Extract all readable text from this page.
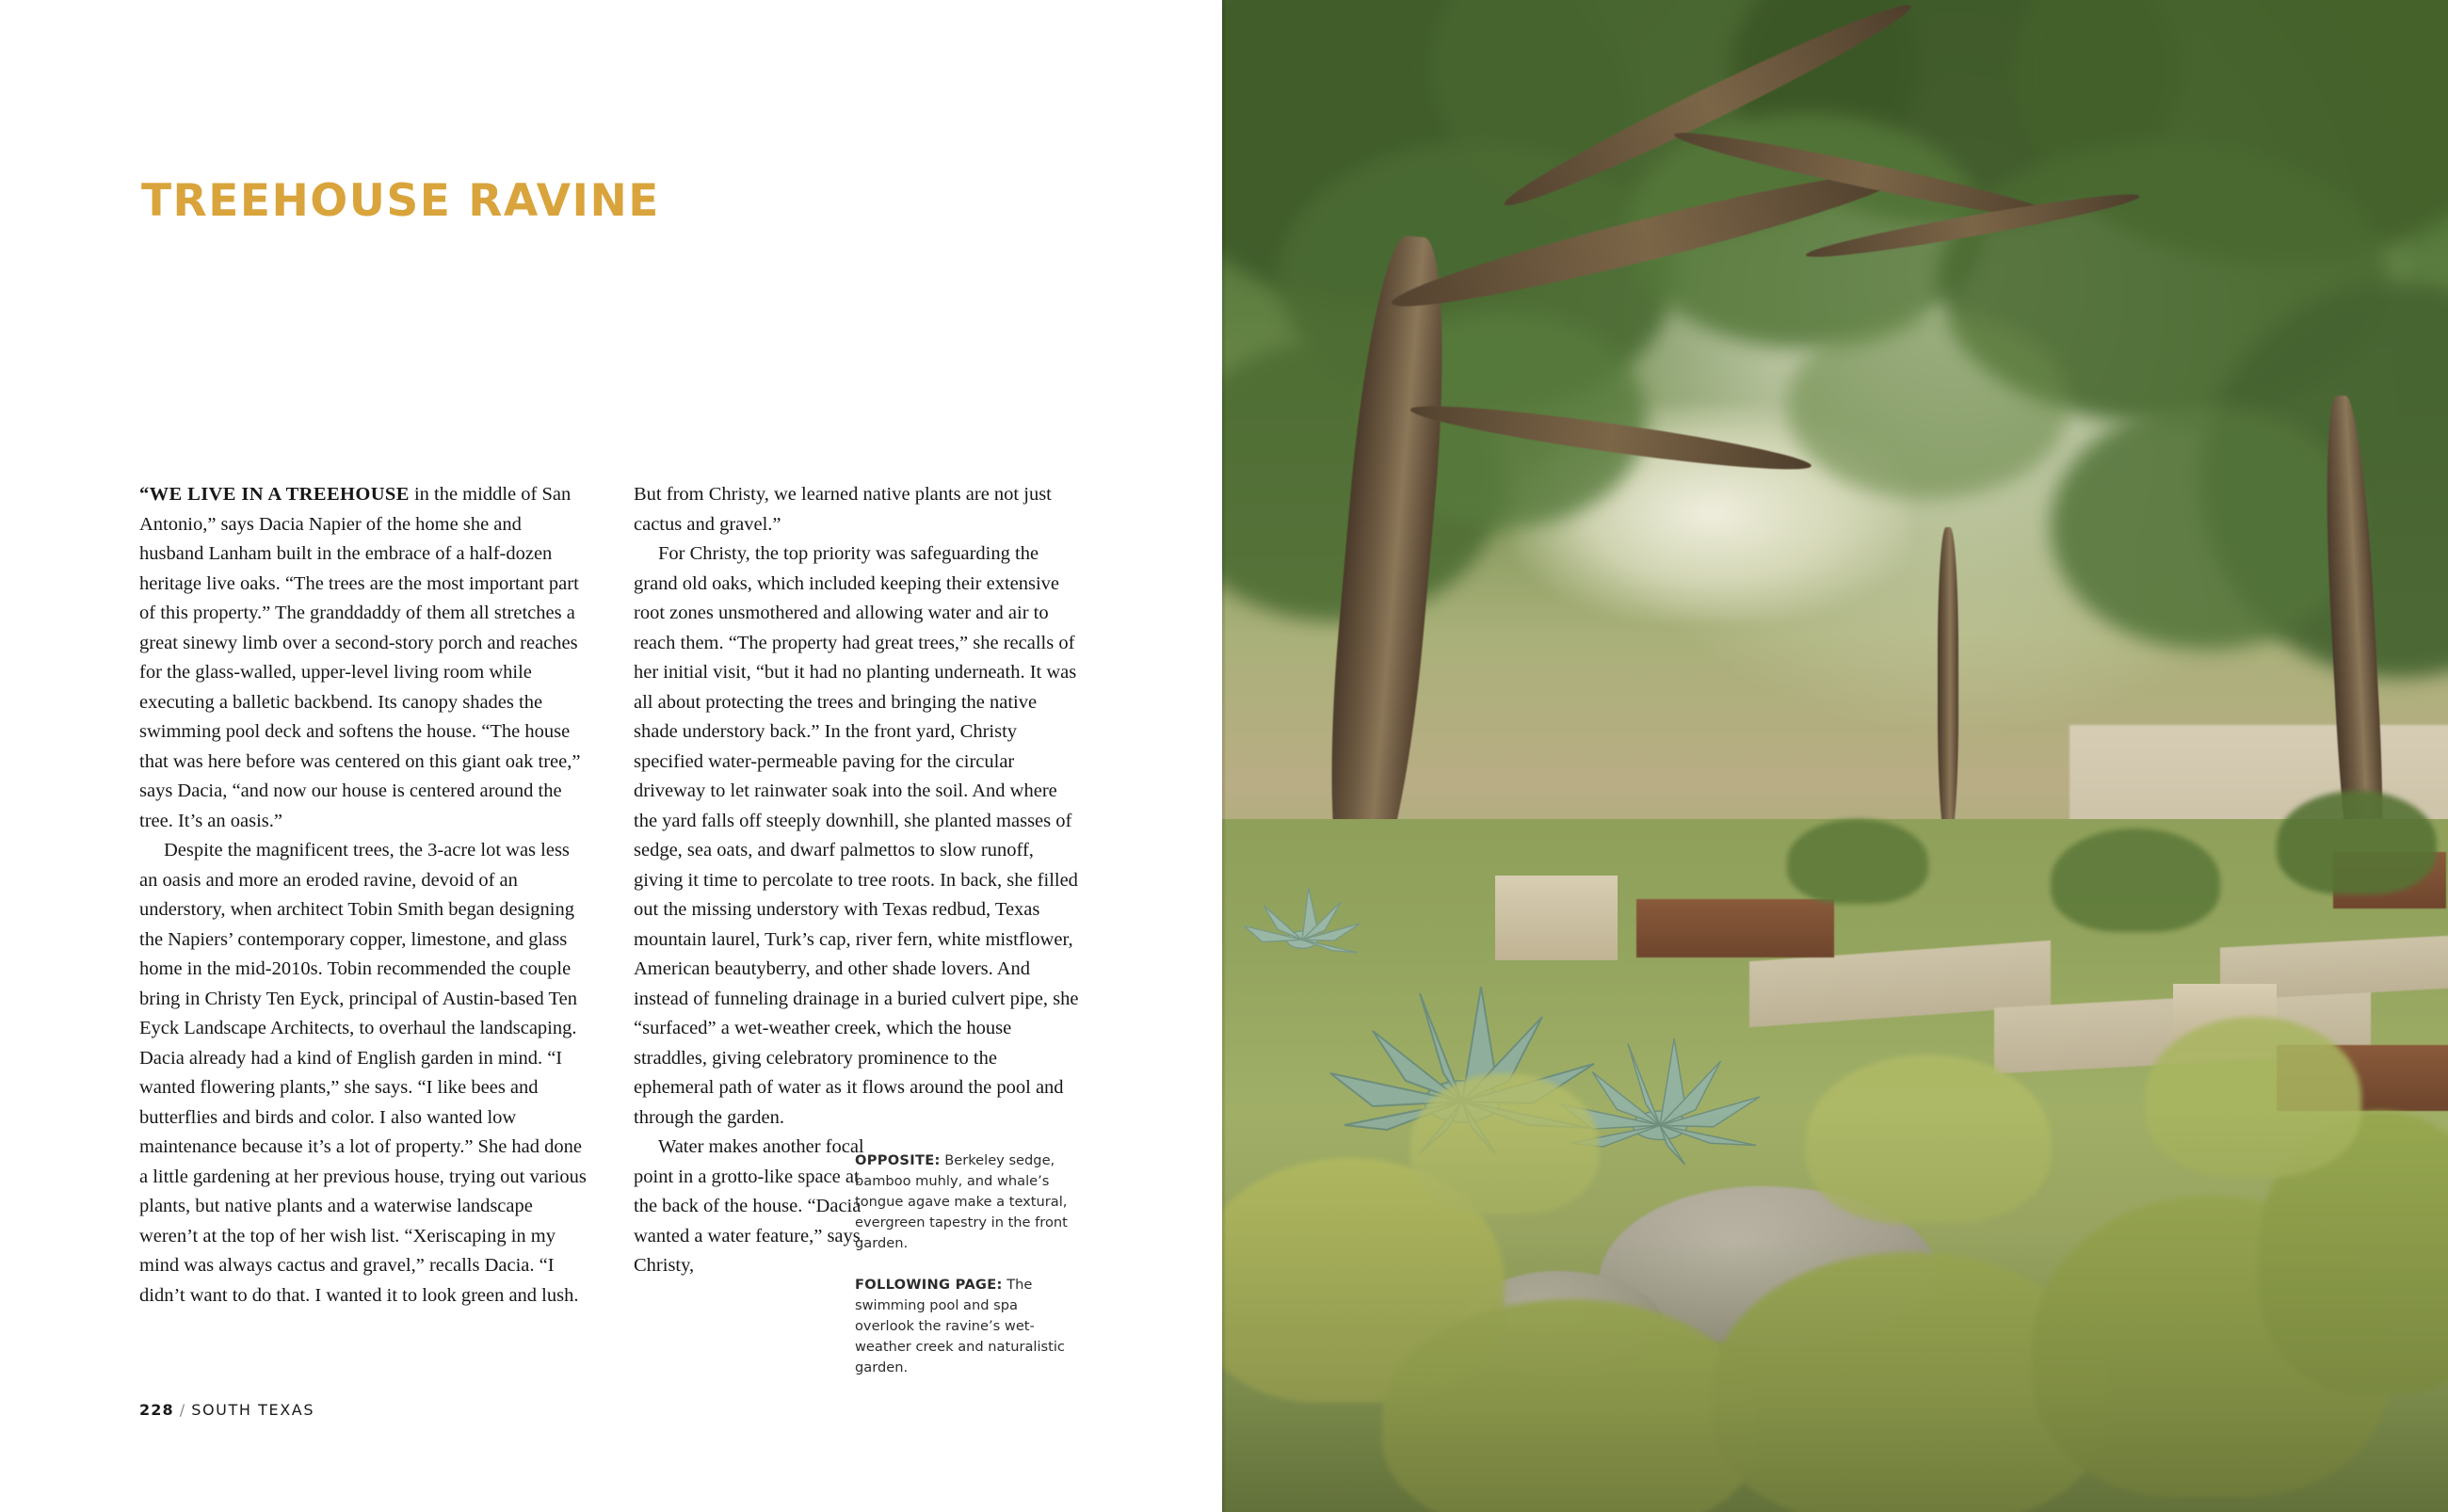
TREEHOUSE RAVINE

“WE LIVE IN A TREEHOUSE in the middle of San Antonio,” says Dacia Napier of the home she and husband Lanham built in the embrace of a half-dozen heritage live oaks. “The trees are the most important part of this property.” The granddaddy of them all stretches a great sinewy limb over a second-story porch and reaches for the glass-walled, upper-level living room while executing a balletic backbend. Its canopy shades the swimming pool deck and softens the house. “The house that was here before was centered on this giant oak tree,” says Dacia, “and now our house is centered around the tree. It’s an oasis.”

Despite the magnificent trees, the 3-acre lot was less an oasis and more an eroded ravine, devoid of an understory, when architect Tobin Smith began designing the Napiers’ contemporary copper, limestone, and glass home in the mid-2010s. Tobin recommended the couple bring in Christy Ten Eyck, principal of Austin-based Ten Eyck Landscape Architects, to overhaul the landscaping. Dacia already had a kind of English garden in mind. “I wanted flowering plants,” she says. “I like bees and butterflies and birds and color. I also wanted low maintenance because it’s a lot of property.” She had done a little gardening at her previous house, trying out various plants, but native plants and a waterwise landscape weren’t at the top of her wish list. “Xeriscaping in my mind was always cactus and gravel,” recalls Dacia. “I didn’t want to do that. I wanted it to look green and lush.

But from Christy, we learned native plants are not just cactus and gravel.”

For Christy, the top priority was safeguarding the grand old oaks, which included keeping their extensive root zones unsmothered and allowing water and air to reach them. “The property had great trees,” she recalls of her initial visit, “but it had no planting underneath. It was all about protecting the trees and bringing the native shade understory back.” In the front yard, Christy specified water-permeable paving for the circular driveway to let rainwater soak into the soil. And where the yard falls off steeply downhill, she planted masses of sedge, sea oats, and dwarf palmettos to slow runoff, giving it time to percolate to tree roots. In back, she filled out the missing understory with Texas redbud, Texas mountain laurel, Turk’s cap, river fern, white mistflower, American beautyberry, and other shade lovers. And instead of funneling drainage in a buried culvert pipe, she “surfaced” a wet-weather creek, which the house straddles, giving celebratory prominence to the ephemeral path of water as it flows around the pool and through the garden.

Water makes another focal point in a grotto-like space at the back of the house. “Dacia wanted a water feature,” says Christy,

OPPOSITE: Berkeley sedge, bamboo muhly, and whale’s tongue agave make a textural, evergreen tapestry in the front garden.
FOLLOWING PAGE: The swimming pool and spa overlook the ravine’s wet-weather creek and naturalistic garden.
228 / SOUTH TEXAS
